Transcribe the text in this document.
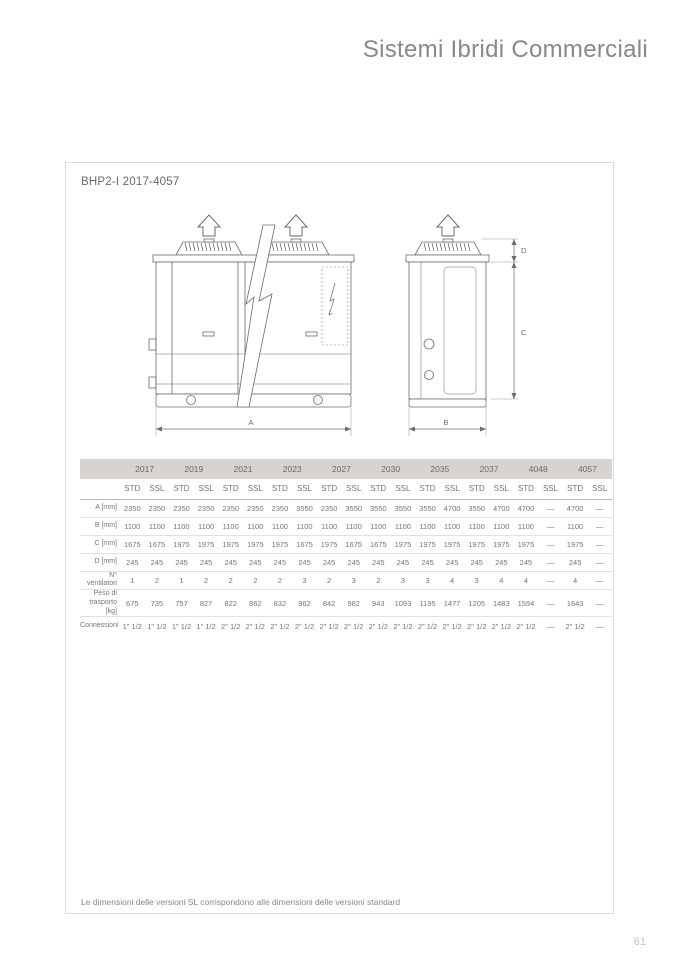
Sistemi Ibridi Commerciali
BHP2-I 2017-4057
A
D
C
B
	2017		2019		2021		2023		2027		2030		2035		2037		4048		4057	
	STD	SSL	STD	SSL	STD	SSL	STD	SSL	STD	SSL	STD	SSL	STD	SSL	STD	SSL	STD	SSL	STD	SSL
A [mm]	2350	2350	2350	2350	2350	2350	2350	3550	2350	3550	3550	3550	3550	4700	3550	4700	4700	—	4700	—
B [mm]	1100	1100	1100	1100	1100	1100	1100	1100	1100	1100	1100	1100	1100	1100	1100	1100	1100	—	1100	—
C [mm]	1675	1675	1975	1975	1975	1975	1975	1675	1975	1675	1675	1975	1975	1975	1975	1975	1975	—	1975	—
D [mm]	245	245	245	245	245	245	245	245	245	245	245	245	245	245	245	245	245	—	245	—
N° ventilatori	1	2	1	2	2	2	2	3	2	3	2	3	3	4	3	4	4	—	4	—
Peso di trasporto [kg]	675	735	757	827	822	862	832	962	842	982	943	1093	1195	1477	1205	1483	1594	—	1643	—
Connessioni	1" 1/2	1" 1/2	1" 1/2	1" 1/2	2" 1/2	2" 1/2	2" 1/2	2" 1/2	2" 1/2	2" 1/2	2" 1/2	2" 1/2	2" 1/2	2" 1/2	2" 1/2	2" 1/2	2" 1/2	—	2" 1/2	—
Le dimensioni delle versioni SL corrispondono alle dimensioni delle versioni standard
61
